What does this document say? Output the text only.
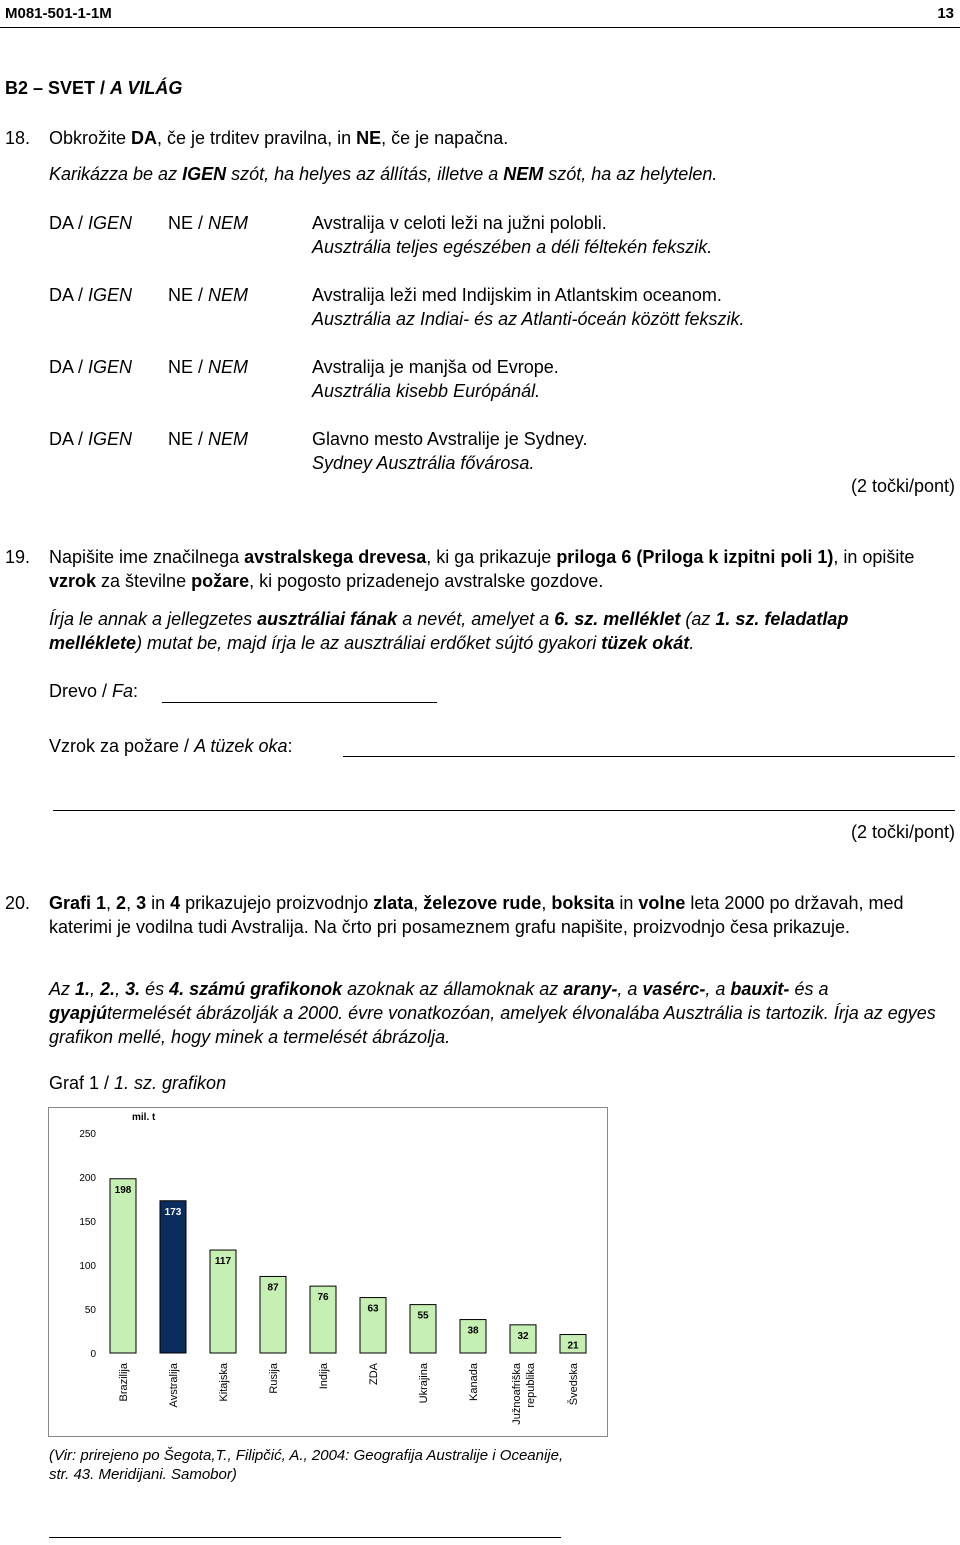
M081-501-1-1M	13
B2 – SVET / A VILÁG
18. Obkrožite DA, če je trditev pravilna, in NE, če je napačna.
Karikázza be az IGEN szót, ha helyes az állítás, illetve a NEM szót, ha az helytelen.
DA / IGEN NE / NEM	Avstralija v celoti leži na južni polobli.
Ausztrália teljes egészében a déli féltekén fekszik.
DA / IGEN NE / NEM	Avstralija leži med Indijskim in Atlantskim oceanom.
Ausztrália az Indiai- és az Atlanti-óceán között fekszik.
DA / IGEN NE / NEM	Avstralija je manjša od Evrope.
Ausztrália kisebb Európánál.
DA / IGEN NE / NEM	Glavno mesto Avstralije je Sydney.
Sydney Ausztrália fővárosa.
(2 točki/pont)
19. Napišite ime značilnega avstralskega drevesa, ki ga prikazuje priloga 6 (Priloga k izpitni poli 1), in opišite vzrok za številne požare, ki pogosto prizadenejo avstralske gozdove.
Írja le annak a jellegzetes ausztráliai fának a nevét, amelyet a 6. sz. melléklet (az 1. sz. feladatlap melléklete) mutat be, majd írja le az ausztráliai erdőket sújtó gyakori tüzek okát.
Drevo / Fa:
Vzrok za požare / A tüzek oka:
(2 točki/pont)
20. Grafi 1, 2, 3 in 4 prikazujejo proizvodnjo zlata, železove rude, boksita in volne leta 2000 po državah, med katerimi je vodilna tudi Avstralija. Na črto pri posameznem grafu napišite, proizvodnjo česa prikazuje.
Az 1., 2., 3. és 4. számú grafikonok azoknak az államoknak az arany-, a vasérc-, a bauxit- és a gyapjútermelését ábrázolják a 2000. évre vonatkozóan, amelyek élvonalába Ausztrália is tartozik. Írja az egyes grafikon mellé, hogy minek a termelését ábrázolja.
Graf 1 / 1. sz. grafikon
0
50
100
150
200
250
mil. t
198
Brazilija
173
Avstralija
117
Kitajska
87
Rusija
76
Indija
63
ZDA
55
Ukrajina
38
Kanada
32
Južnoafriška republika
21
Švedska
(Vir: prirejeno po Šegota,T., Filipčić, A., 2004: Geografija Australije i Oceanije,
str. 43. Meridijani. Samobor)
